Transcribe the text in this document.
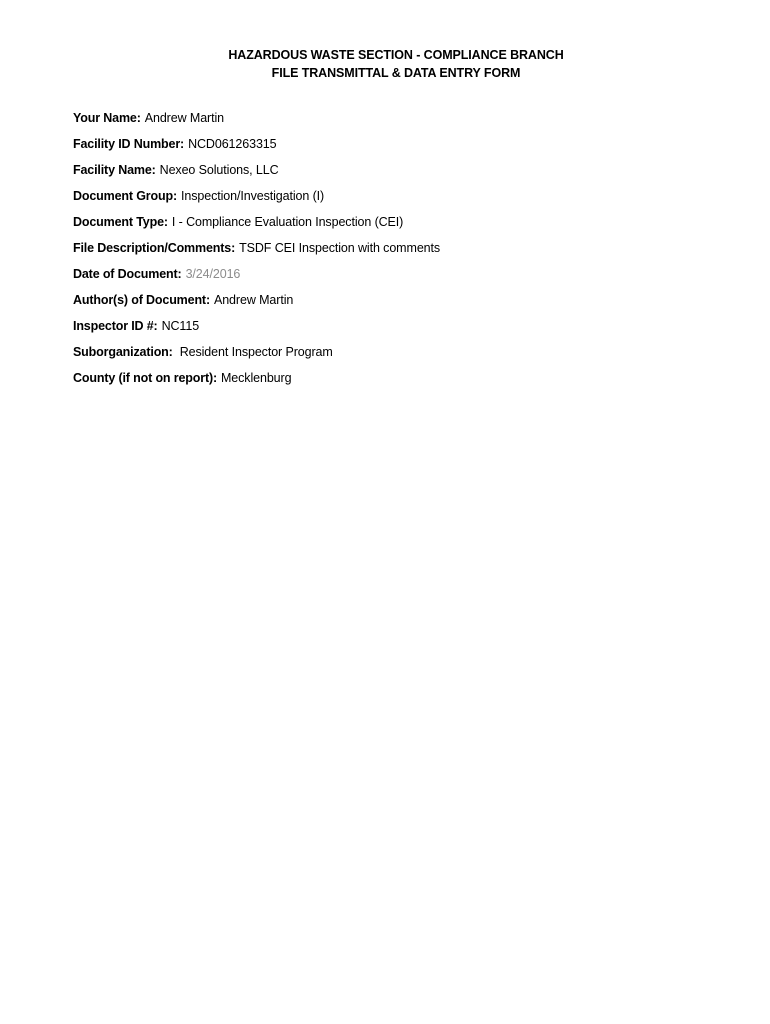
HAZARDOUS WASTE SECTION - COMPLIANCE BRANCH
FILE TRANSMITTAL & DATA ENTRY FORM
Your Name: Andrew Martin
Facility ID Number: NCD061263315
Facility Name: Nexeo Solutions, LLC
Document Group: Inspection/Investigation (I)
Document Type: I - Compliance Evaluation Inspection (CEI)
File Description/Comments: TSDF CEI Inspection with comments
Date of Document: 3/24/2016
Author(s) of Document: Andrew Martin
Inspector ID #: NC115
Suborganization: Resident Inspector Program
County (if not on report): Mecklenburg
